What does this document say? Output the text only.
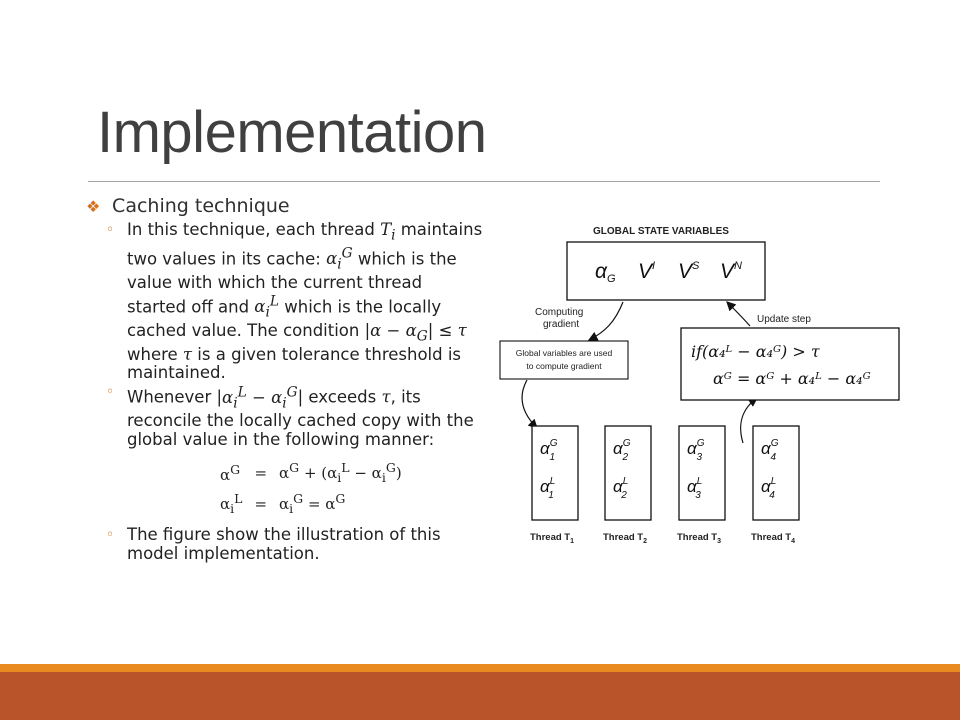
Implementation
❖ Caching technique
◦ In this technique, each thread $T_i$ maintains two values in its cache: $\alpha_i^G$ which is the value with which the current thread started off and $\alpha_i^L$ which is the locally cached value. The condition $|\alpha - \alpha_G| \le \tau$ where τ is a given tolerance threshold is maintained.
◦ Whenever $|\alpha_i^L - \alpha_i^G|$ exceeds τ, its reconcile the locally cached copy with the global value in the following manner:
$\alpha^G$	=	$\alpha^G + (\alpha_i^L - \alpha_i^G)$
$\alpha_i^L$	=	$\alpha_i^G = \alpha^G$
◦ The figure show the illustration of this model implementation.
GLOBAL STATE VARIABLES
αG $V^I$ $V^S$ $V^N$
Computing
gradient	Update step
Global variables are used
to compute gradient
if(α₄ᴸ − α₄ᴳ) > τ
αᴳ = αᴳ + α₄ᴸ − α₄ᴳ
$\alpha^G$ 1
$\alpha^L$ 1
$\alpha^G$ 2
$\alpha^L$ 2
$\alpha^G$ 3
$\alpha^L$ 3
$\alpha^G$ 4
$\alpha^L$ 4
Thread $T_1$	Thread $T_2$	Thread $T_3$	Thread $T_4$
